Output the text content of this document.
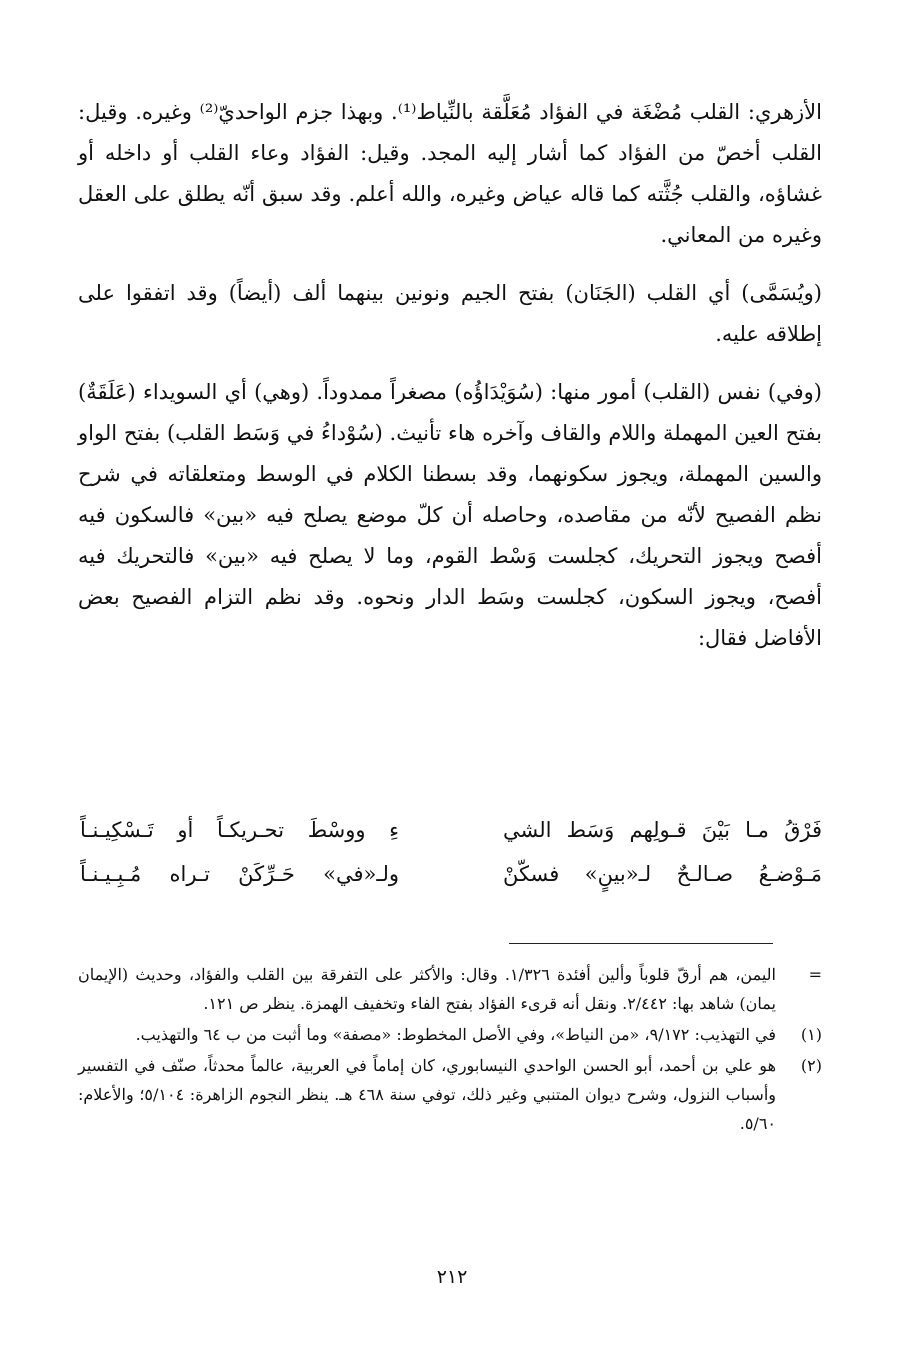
الأزهري: القلب مُضْغَة في الفؤاد مُعَلَّقة بالنِّياط⁽¹⁾. وبهذا جزم الواحديّ⁽²⁾ وغيره. وقيل: القلب أخصّ من الفؤاد كما أشار إليه المجد. وقيل: الفؤاد وعاء القلب أو داخله أو غشاؤه، والقلب جُثَّته كما قاله عياض وغيره، والله أعلم. وقد سبق أنّه يطلق على العقل وغيره من المعاني.

(ويُسَمَّى) أي القلب (الجَنَان) بفتح الجيم ونونين بينهما ألف (أيضاً) وقد اتفقوا على إطلاقه عليه.

(وفي) نفس (القلب) أمور منها: (سُوَيْدَاؤُه) مصغراً ممدوداً. (وهي) أي السويداء (عَلَقَةٌ) بفتح العين المهملة واللام والقاف وآخره هاء تأنيث. (سُوْداءُ في وَسَط القلب) بفتح الواو والسين المهملة، ويجوز سكونهما، وقد بسطنا الكلام في الوسط ومتعلقاته في شرح نظم الفصيح لأنّه من مقاصده، وحاصله أن كلّ موضع يصلح فيه «بين» فالسكون فيه أفصح ويجوز التحريك، كجلست وَسْط القوم، وما لا يصلح فيه «بين» فالتحريك فيه أفصح، ويجوز السكون، كجلست وسَط الدار ونحوه. وقد نظم التزام الفصيح بعض الأفاضل فقال:

فَرْقُ مـا بَيْنَ قـولِهم وَسَط الشي
ءِ ووسْطَ تحـريكـاً أو تَـسْكِيـنـاً
مَـوْضـعُ صـالـحٌ لـ«بينٍ» فسكّنْ
ولـ«في» حَـرِّكَنْ تـراه مُـبِـيـنـاً
=
اليمن، هم أرقّ قلوباً وألين أفئدة ١/٣٢٦. وقال: والأكثر على التفرقة بين القلب والفؤاد، وحديث (الإيمان يمان) شاهد بها: ٢/٤٤٢. ونقل أنه قرىء الفؤاد بفتح الفاء وتخفيف الهمزة. ينظر ص ١٢١.
(١)
في التهذيب: ٩/١٧٢، «من النياط»، وفي الأصل المخطوط: «مصفة» وما أثبت من ب ٦٤ والتهذيب.
(٢)
هو علي بن أحمد، أبو الحسن الواحدي النيسابوري، كان إماماً في العربية، عالماً محدثاً، صنّف في التفسير وأسباب النزول، وشرح ديوان المتنبي وغير ذلك، توفي سنة ٤٦٨ هـ. ينظر النجوم الزاهرة: ٥/١٠٤؛ والأعلام: ٥/٦٠.
٢١٢
